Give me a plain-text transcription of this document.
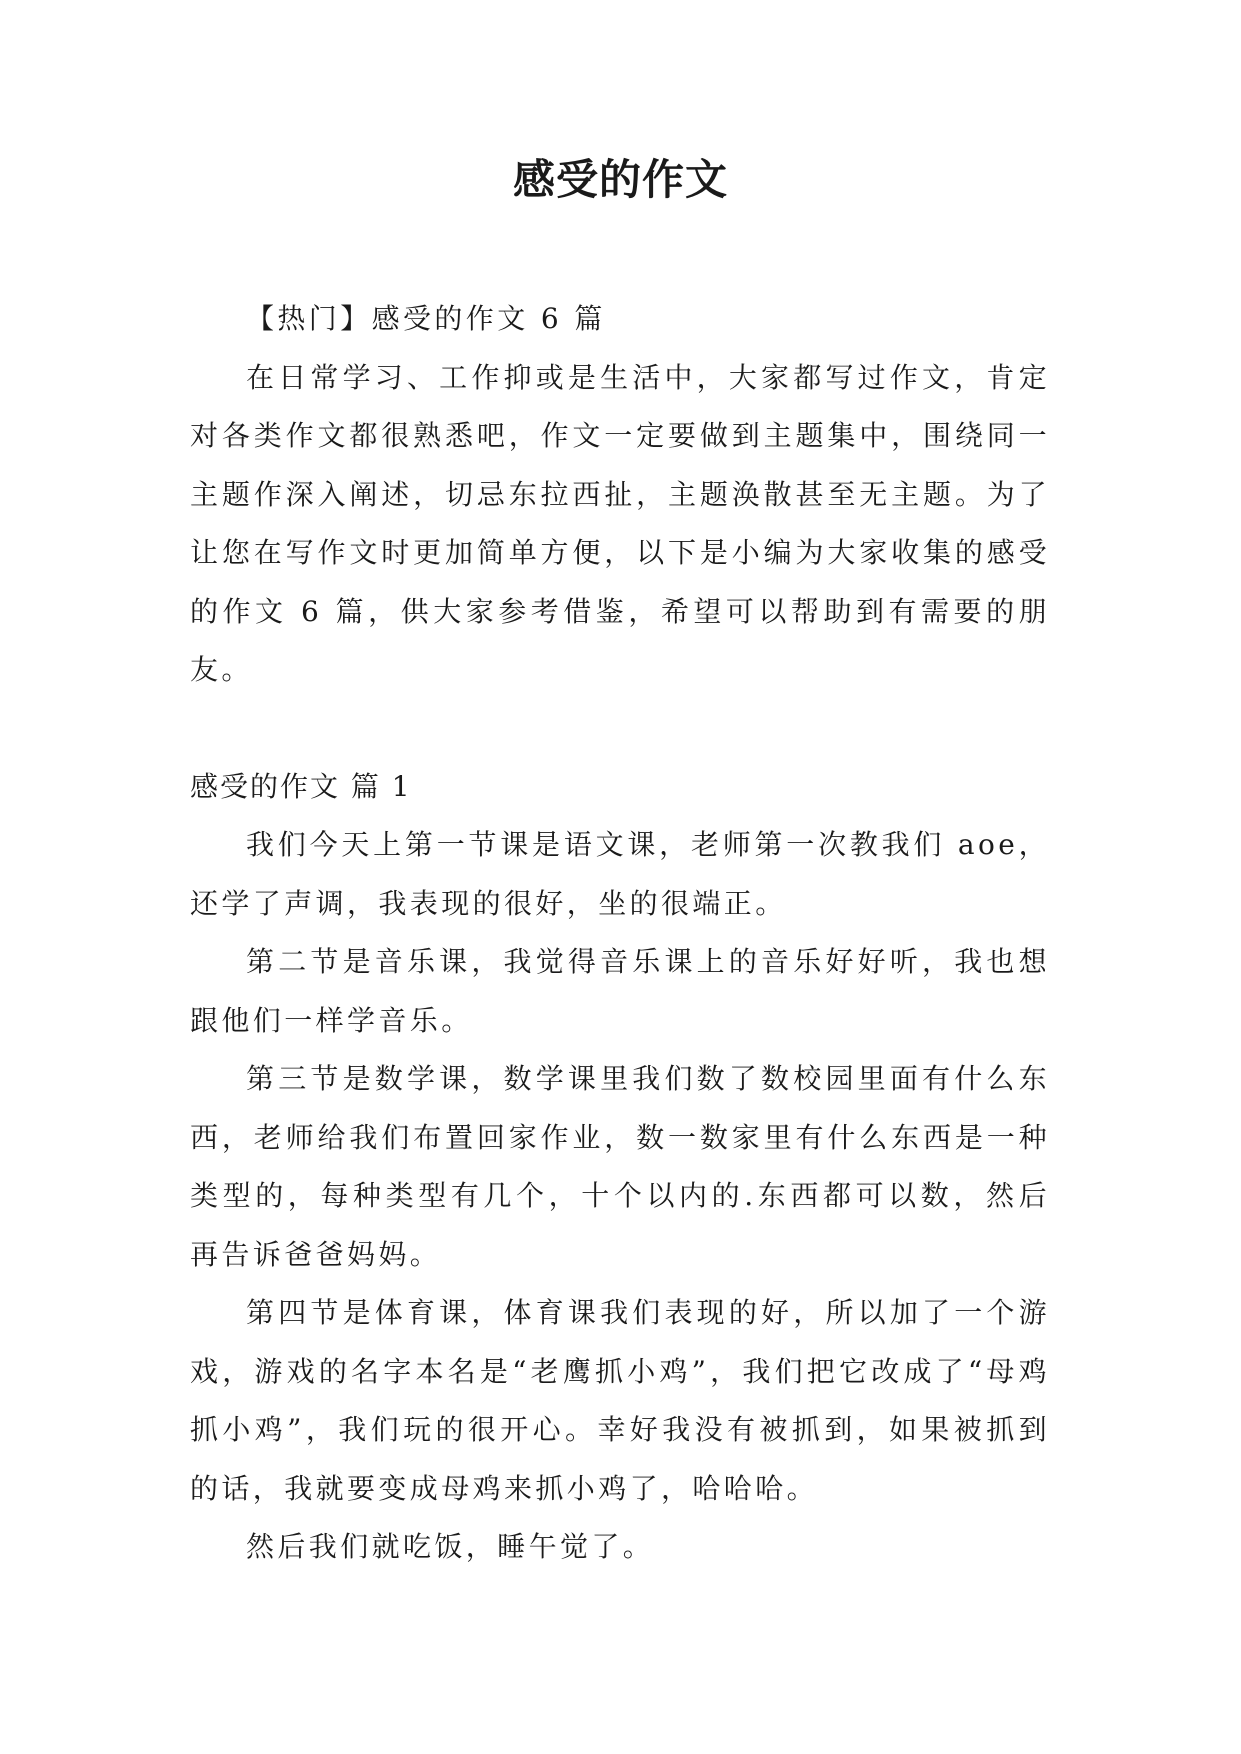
感受的作文

【热门】感受的作文 6 篇

在日常学习、工作抑或是生活中，大家都写过作文，肯定对各类作文都很熟悉吧，作文一定要做到主题集中，围绕同一主题作深入阐述，切忌东拉西扯，主题涣散甚至无主题。为了让您在写作文时更加简单方便，以下是小编为大家收集的感受的作文 6 篇，供大家参考借鉴，希望可以帮助到有需要的朋友。

感受的作文 篇 1

我们今天上第一节课是语文课，老师第一次教我们 aoe，还学了声调，我表现的很好，坐的很端正。

第二节是音乐课，我觉得音乐课上的音乐好好听，我也想跟他们一样学音乐。

第三节是数学课，数学课里我们数了数校园里面有什么东西，老师给我们布置回家作业，数一数家里有什么东西是一种类型的，每种类型有几个，十个以内的.东西都可以数，然后再告诉爸爸妈妈。

第四节是体育课，体育课我们表现的好，所以加了一个游戏，游戏的名字本名是“老鹰抓小鸡”，我们把它改成了“母鸡抓小鸡”，我们玩的很开心。幸好我没有被抓到，如果被抓到的话，我就要变成母鸡来抓小鸡了，哈哈哈。

然后我们就吃饭，睡午觉了。
